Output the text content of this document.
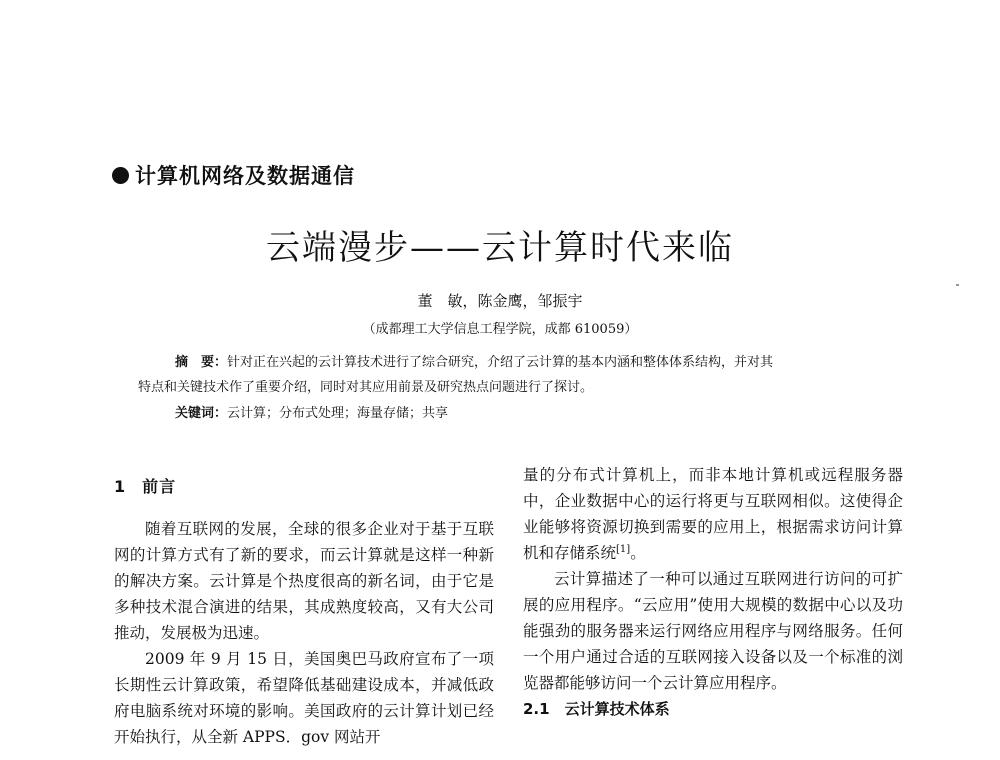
计算机网络及数据通信
云端漫步——云计算时代来临
董　敏，陈金鹰，邹振宇
（成都理工大学信息工程学院，成都 610059）
摘　要：针对正在兴起的云计算技术进行了综合研究，介绍了云计算的基本内涵和整体体系结构，并对其
特点和关键技术作了重要介绍，同时对其应用前景及研究热点问题进行了探讨。
关键词：云计算；分布式处理；海量存储；共享
1 前言

随着互联网的发展，全球的很多企业对于基于互联网的计算方式有了新的要求，而云计算就是这样一种新的解决方案。云计算是个热度很高的新名词，由于它是多种技术混合演进的结果，其成熟度较高，又有大公司推动，发展极为迅速。

2009 年 9 月 15 日，美国奥巴马政府宣布了一项长期性云计算政策，希望降低基础建设成本，并减低政府电脑系统对环境的影响。美国政府的云计算计划已经开始执行，从全新 APPS．gov 网站开

量的分布式计算机上，而非本地计算机或远程服务器中，企业数据中心的运行将更与互联网相似。这使得企业能够将资源切换到需要的应用上，根据需求访问计算机和存储系统[1]。

云计算描述了一种可以通过互联网进行访问的可扩展的应用程序。“云应用”使用大规模的数据中心以及功能强劲的服务器来运行网络应用程序与网络服务。任何一个用户通过合适的互联网接入设备以及一个标准的浏览器都能够访问一个云计算应用程序。

2.1　云计算技术体系
